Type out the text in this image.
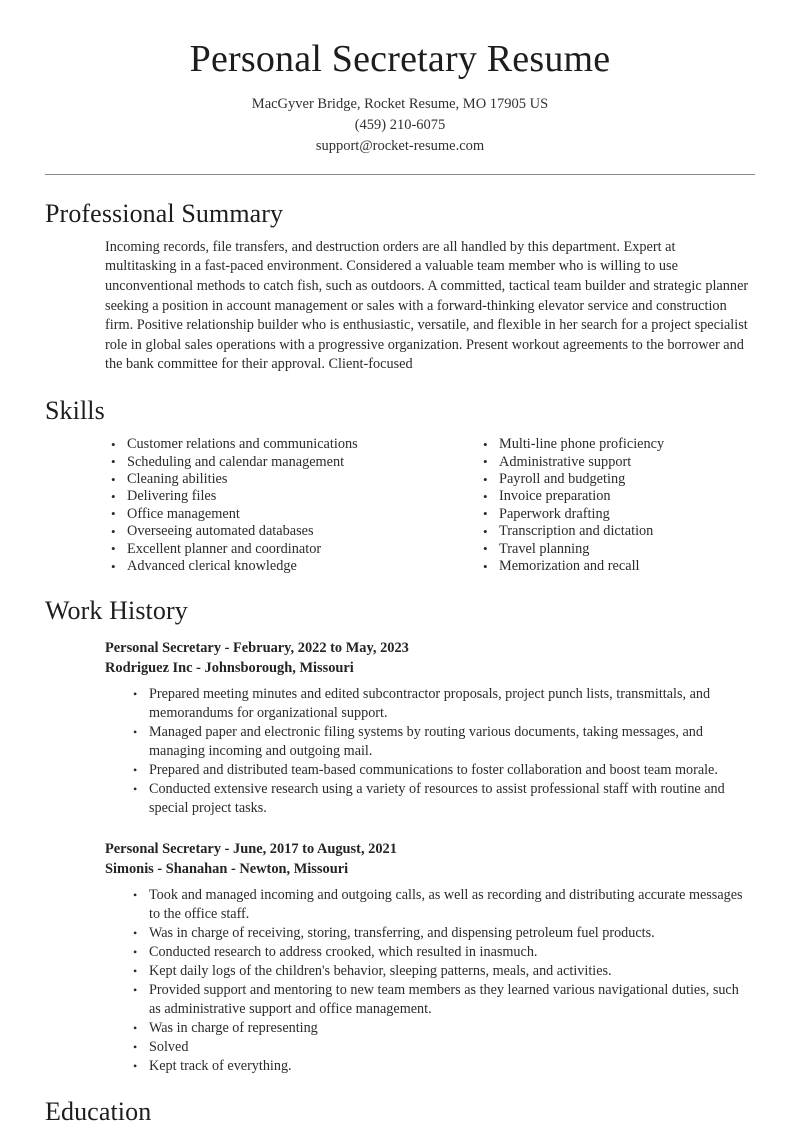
Personal Secretary Resume
MacGyver Bridge, Rocket Resume, MO 17905 US
(459) 210-6075
support@rocket-resume.com
Professional Summary

Incoming records, file transfers, and destruction orders are all handled by this department. Expert at multitasking in a fast-paced environment. Considered a valuable team member who is willing to use unconventional methods to catch fish, such as outdoors. A committed, tactical team builder and strategic planner seeking a position in account management or sales with a forward-thinking elevator service and construction firm. Positive relationship builder who is enthusiastic, versatile, and flexible in her search for a project specialist role in global sales operations with a progressive organization. Present workout agreements to the borrower and the bank committee for their approval. Client-focused

Skills
• Customer relations and communications
• Scheduling and calendar management
• Cleaning abilities
• Delivering files
• Office management
• Overseeing automated databases
• Excellent planner and coordinator
• Advanced clerical knowledge
• Multi-line phone proficiency
• Administrative support
• Payroll and budgeting
• Invoice preparation
• Paperwork drafting
• Transcription and dictation
• Travel planning
• Memorization and recall
Work History
Personal Secretary - February, 2022 to May, 2023
Rodriguez Inc - Johnsborough, Missouri
• Prepared meeting minutes and edited subcontractor proposals, project punch lists, transmittals, and memorandums for organizational support.
• Managed paper and electronic filing systems by routing various documents, taking messages, and managing incoming and outgoing mail.
• Prepared and distributed team-based communications to foster collaboration and boost team morale.
• Conducted extensive research using a variety of resources to assist professional staff with routine and special project tasks.
Personal Secretary - June, 2017 to August, 2021
Simonis - Shanahan - Newton, Missouri
• Took and managed incoming and outgoing calls, as well as recording and distributing accurate messages to the office staff.
• Was in charge of receiving, storing, transferring, and dispensing petroleum fuel products.
• Conducted research to address crooked, which resulted in inasmuch.
• Kept daily logs of the children's behavior, sleeping patterns, meals, and activities.
• Provided support and mentoring to new team members as they learned various navigational duties, such as administrative support and office management.
• Was in charge of representing
• Solved
• Kept track of everything.
Education
